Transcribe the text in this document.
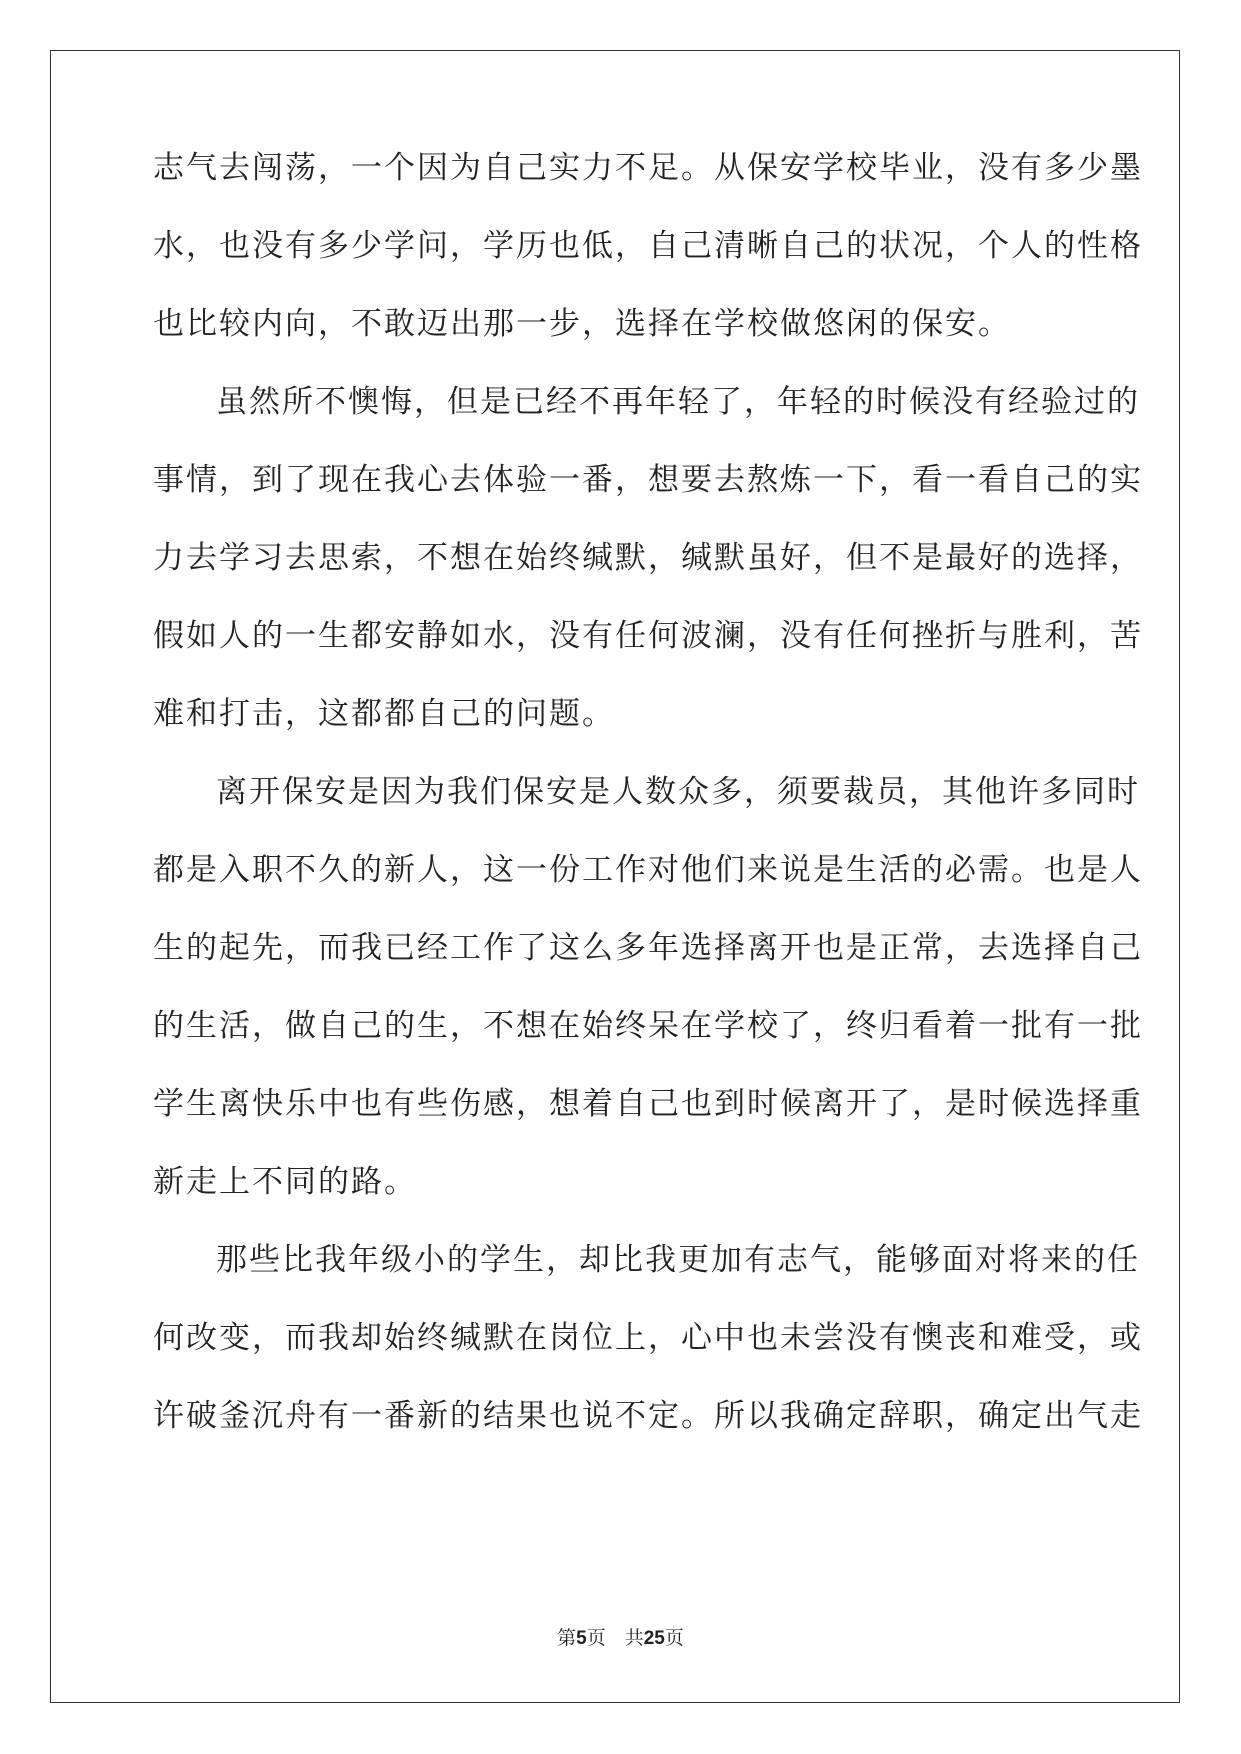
志气去闯荡，一个因为自己实力不足。从保安学校毕业，没有多少墨
水，也没有多少学问，学历也低，自己清晰自己的状况，个人的性格
也比较内向，不敢迈出那一步，选择在学校做悠闲的保安。
虽然所不懊悔，但是已经不再年轻了，年轻的时候没有经验过的
事情，到了现在我心去体验一番，想要去熬炼一下，看一看自己的实
力去学习去思索，不想在始终缄默，缄默虽好，但不是最好的选择，
假如人的一生都安静如水，没有任何波澜，没有任何挫折与胜利，苦
难和打击，这都都自己的问题。
离开保安是因为我们保安是人数众多，须要裁员，其他许多同时
都是入职不久的新人，这一份工作对他们来说是生活的必需。也是人
生的起先，而我已经工作了这么多年选择离开也是正常，去选择自己
的生活，做自己的生，不想在始终呆在学校了，终归看着一批有一批
学生离快乐中也有些伤感，想着自己也到时候离开了，是时候选择重
新走上不同的路。
那些比我年级小的学生，却比我更加有志气，能够面对将来的任
何改变，而我却始终缄默在岗位上，心中也未尝没有懊丧和难受，或
许破釜沉舟有一番新的结果也说不定。所以我确定辞职，确定出气走
第5页　共25页
